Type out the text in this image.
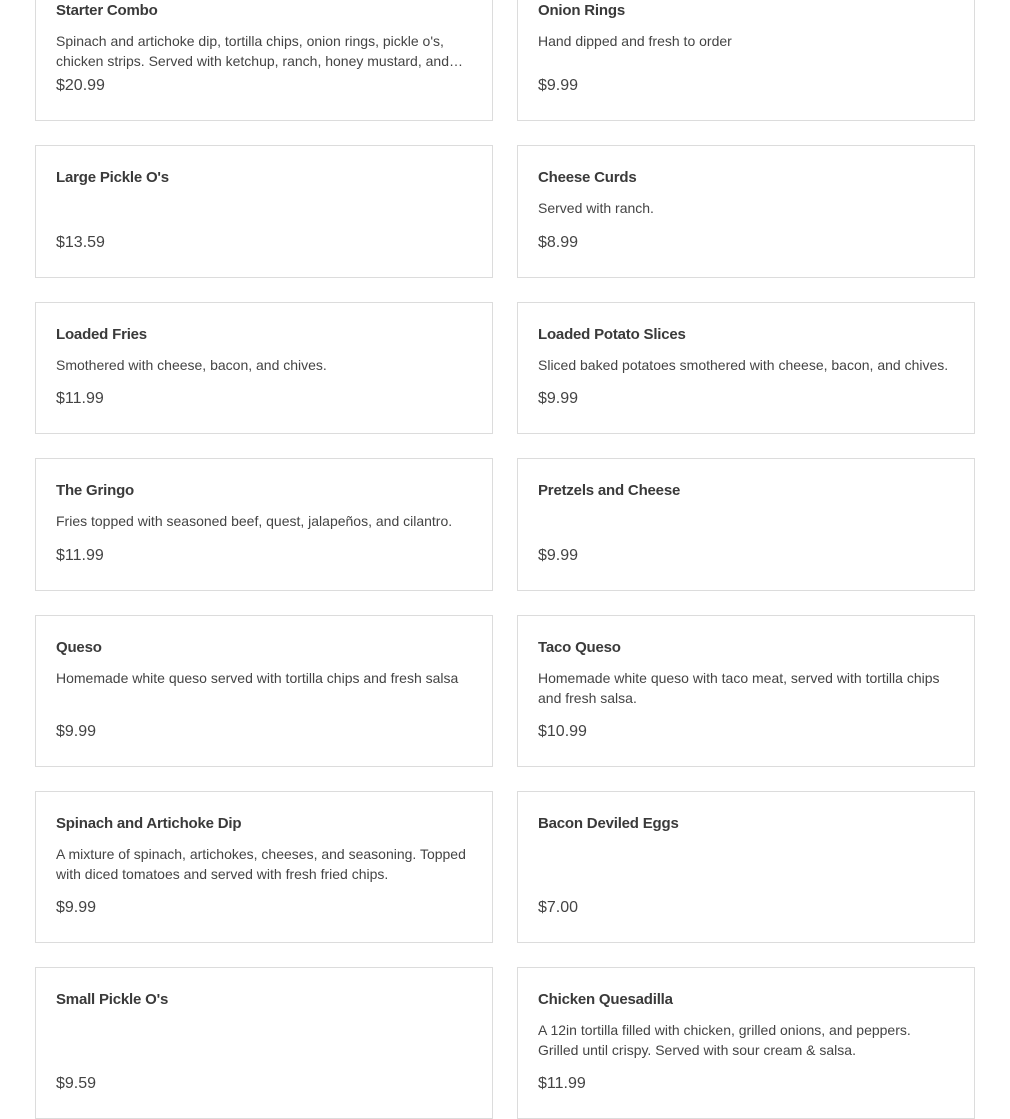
Starter Combo

Spinach and artichoke dip, tortilla chips, onion rings, pickle o's, chicken strips. Served with ketchup, ranch, honey mustard, and

$20.99

Onion Rings

Hand dipped and fresh to order

$9.99

Large Pickle O's

$13.59

Cheese Curds

Served with ranch.

$8.99

Loaded Fries

Smothered with cheese, bacon, and chives.

$11.99

Loaded Potato Slices

Sliced baked potatoes smothered with cheese, bacon, and chives.

$9.99

The Gringo

Fries topped with seasoned beef, quest, jalapeños, and cilantro.

$11.99

Pretzels and Cheese

$9.99

Queso

Homemade white queso served with tortilla chips and fresh salsa

$9.99

Taco Queso

Homemade white queso with taco meat, served with tortilla chips and fresh salsa.

$10.99

Spinach and Artichoke Dip

A mixture of spinach, artichokes, cheeses, and seasoning. Topped with diced tomatoes and served with fresh fried chips.

$9.99

Bacon Deviled Eggs

$7.00

Small Pickle O's

$9.59

Chicken Quesadilla

A 12in tortilla filled with chicken, grilled onions, and peppers. Grilled until crispy. Served with sour cream & salsa.

$11.99
